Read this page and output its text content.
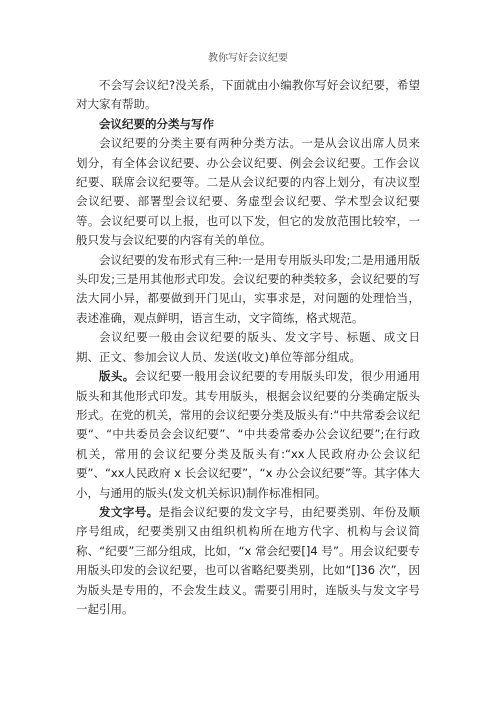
教你写好会议纪要

不会写会议纪?没关系，下面就由小编教你写好会议纪要，希望对大家有帮助。

会议纪要的分类与写作

会议纪要的分类主要有两种分类方法。一是从会议出席人员来划分，有全体会议纪要、办公会议纪要、例会会议纪要。工作会议纪要、联席会议纪要等。二是从会议纪要的内容上划分，有决议型会议纪要、部署型会议纪要、务虚型会议纪要、学术型会议纪要等。会议纪要可以上报，也可以下发，但它的发放范围比较窄，一般只发与会议纪要的内容有关的单位。

会议纪要的发布形式有三种:一是用专用版头印发;二是用通用版头印发;三是用其他形式印发。会议纪要的种类较多，会议纪要的写法大同小异，都要做到开门见山，实事求是，对问题的处理恰当，表述准确，观点鲜明，语言生动，文字简练，格式规范。

会议纪要一般由会议纪要的版头、发文字号、标题、成文日期、正文、参加会议人员、发送(收文)单位等部分组成。

版头。会议纪要一般用会议纪要的专用版头印发，很少用通用版头和其他形式印发。其专用版头，根据会议纪要的分类确定版头形式。在党的机关，常用的会议纪要分类及版头有:“中共常委会议纪要“、“中共委员会会议纪要”、“中共委常委办公会议纪要”;在行政机关，常用的会议纪要分类及版头有:“xx人民政府办公会议纪要”、“xx人民政府 x 长会议纪要”，“x 办公会议纪要”等。其字体大小，与通用的版头(发文机关标识)制作标准相同。

发文字号。是指会议纪要的发文字号，由纪要类别、年份及顺序号组成，纪要类别又由组织机构所在地方代字、机构与会议简称、“纪要”三部分组成，比如，“x 常会纪要[]4 号”。用会议纪要专用版头印发的会议纪要，也可以省略纪要类别，比如“[]36 次”，因为版头是专用的，不会发生歧义。需要引用时，连版头与发文字号一起引用。
